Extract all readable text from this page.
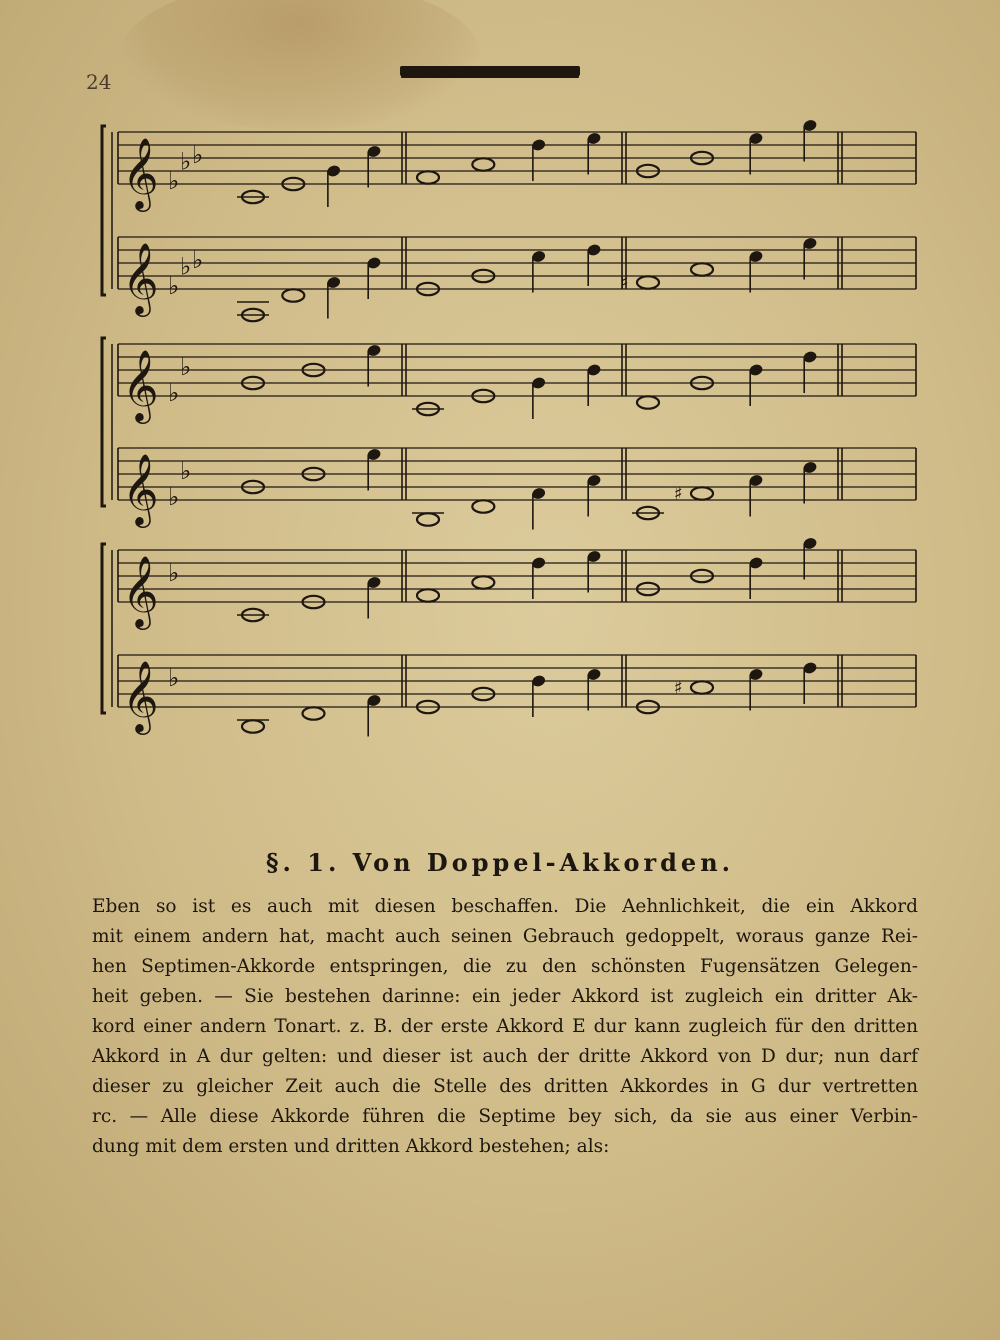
24
𝄞 ♭
♭ ♭
𝄞 ♭
♭ ♭
♯
𝄞 ♭
♭
𝄞 ♭
♭
♯
𝄞 ♭
𝄞 ♭	♯
§. 1. Von Doppel-Akkorden.
Eben so ist es auch mit diesen beschaffen. Die Aehnlichkeit, die ein Akkord
mit einem andern hat, macht auch seinen Gebrauch gedoppelt, woraus ganze Rei-
hen Septimen-Akkorde entspringen, die zu den schönsten Fugensätzen Gelegen-
heit geben. — Sie bestehen darinne: ein jeder Akkord ist zugleich ein dritter Ak-
kord einer andern Tonart. z. B. der erste Akkord E dur kann zugleich für den dritten
Akkord in A dur gelten: und dieser ist auch der dritte Akkord von D dur; nun darf
dieser zu gleicher Zeit auch die Stelle des dritten Akkordes in G dur vertretten
rc. — Alle diese Akkorde führen die Septime bey sich, da sie aus einer Verbin-
dung mit dem ersten und dritten Akkord bestehen; als:
